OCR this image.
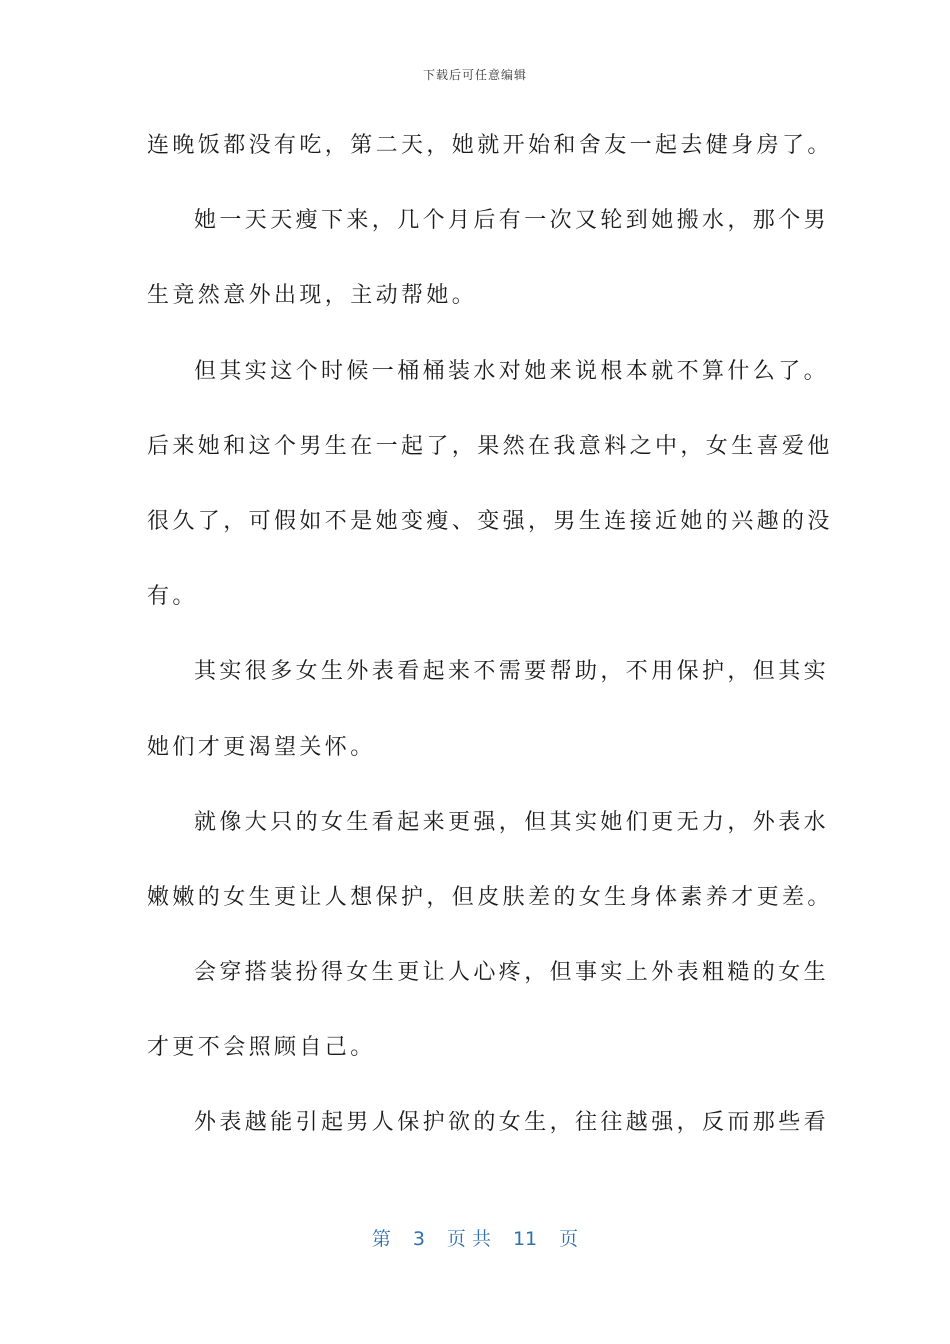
下载后可任意编辑
连晚饭都没有吃，第二天，她就开始和舍友一起去健身房了。
她一天天瘦下来，几个月后有一次又轮到她搬水，那个男
生竟然意外出现，主动帮她。
但其实这个时候一桶桶装水对她来说根本就不算什么了。
后来她和这个男生在一起了，果然在我意料之中，女生喜爱他
很久了，可假如不是她变瘦、变强，男生连接近她的兴趣的没
有。
其实很多女生外表看起来不需要帮助，不用保护，但其实
她们才更渴望关怀。
就像大只的女生看起来更强，但其实她们更无力，外表水
嫩嫩的女生更让人想保护，但皮肤差的女生身体素养才更差。
会穿搭装扮得女生更让人心疼，但事实上外表粗糙的女生
才更不会照顾自己。
外表越能引起男人保护欲的女生，往往越强，反而那些看
第 3 页 共 11 页
